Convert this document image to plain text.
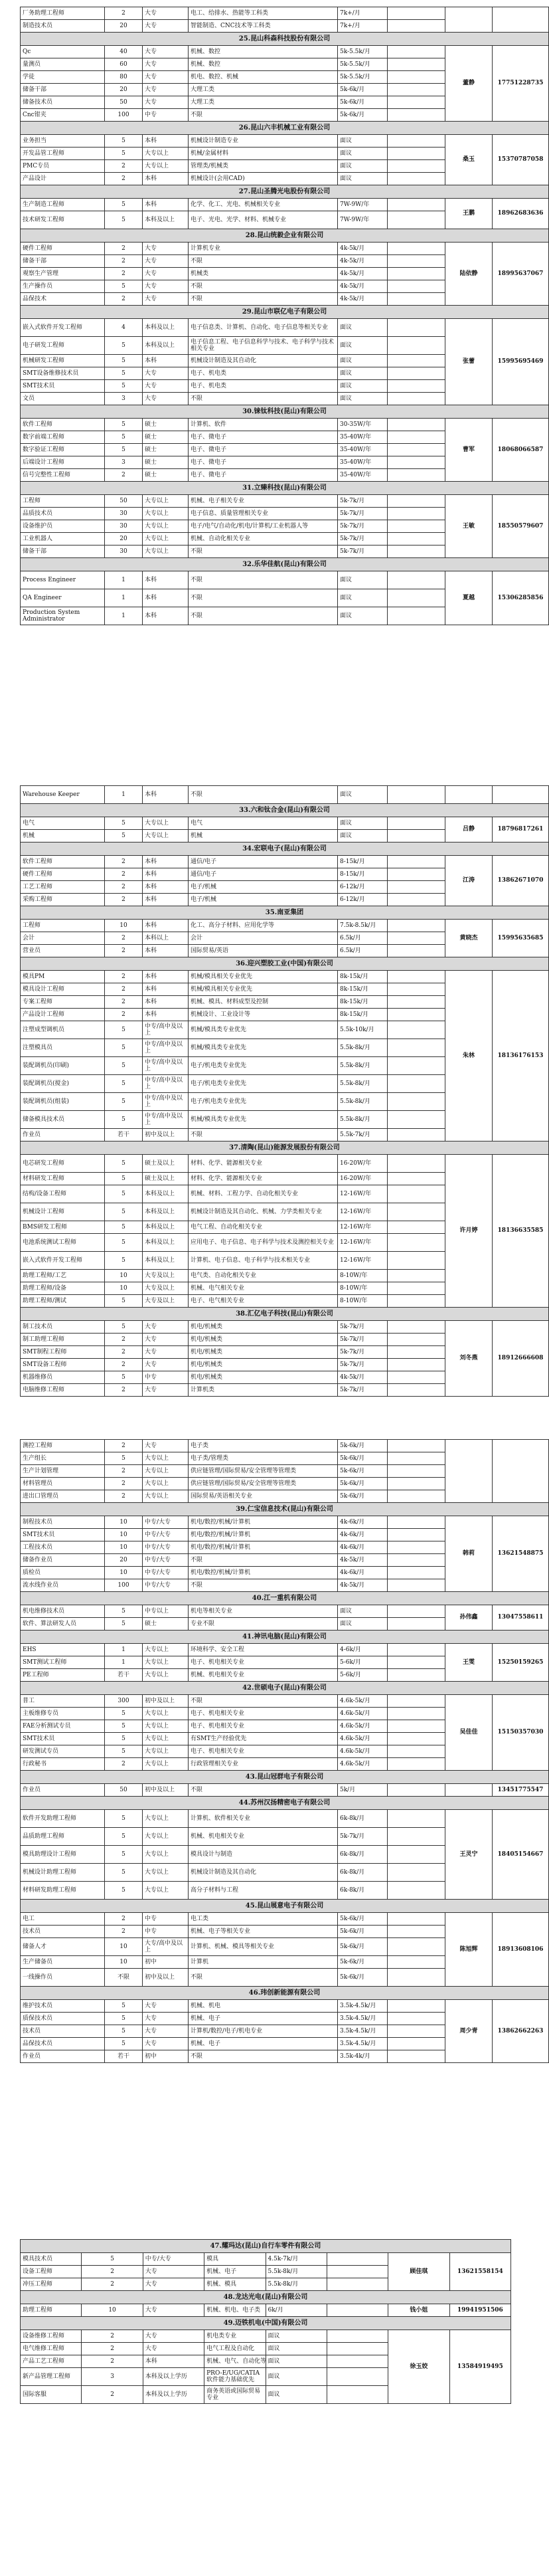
厂务助理工程师	2	大专	电工、给排水、热能等工科类	7k+/月			
制造技术员	20	大专	智能制造、CNC技术等工科类	7k+/月			
25.昆山科森科技股份有限公司							
Qc	40	大专	机械、数控	5k-5.5k/月		董静	17751228735
量测员	60	大专	机械、数控	5k-5.5k/月			
学徒	80	大专	机电、数控、机械	5k-5.5k/月			
储备干部	20	大专	大理工类	5k-6k/月			
储备技术员	50	大专	大理工类	5k-6k/月			
Cnc钳夹	100	中专	不限	5k-6k/月			
26.昆山六丰机械工业有限公司							
业务担当	5	本科	机械设计制造专业	面议		桑玉	15370787058
开发品管工程师	5	大专以上	机械/金属材料	面议			
PMC专员	2	大专以上	管理类/机械类	面议			
产品设计	2	本科	机械设计(会用CAD)	面议			
27.昆山圣腾光电股份有限公司							
生产制造工程师	5	本科	化学、化工、光电、机械相关专业	7W-9W/年		王鹏	18962683636
技术研发工程师	5	本科及以上	电子、光电、光学、材料、机械专业	7W-9W/年			
28.昆山统毅企业有限公司							
硬件工程师	2	大专	计算机专业	4k-5k/月		陆依静	18995637067
储备干部	2	大专	不限	4k-5k/月			
观察生产管理	2	大专	机械类	4k-5k/月			
生产操作员	5	大专	不限	4k-5k/月			
品保技术	2	大专	不限	4k-5k/月			
29.昆山市联亿电子有限公司							
嵌入式软件开发工程师	4	本科及以上	电子信息类、计算机、自动化、电子信息等相关专业	面议		张蕾	15995695469
电子研发工程师	5	本科及以上	电子信息工程、电子信息科学与技术、电子科学与技术相关专业	面议			
机械研发工程师	5	本科	机械设计制造及其自动化	面议			
SMT设备维修技术员	5	大专	电子、机电类	面议			
SMT技术员	5	大专	电子、机电类	面议			
文员	3	大专	不限	面议			
30.铼钛科技(昆山)有限公司							
软件工程师	5	硕士	计算机、软件	30-35W/年		曹军	18068066587
数字前端工程师	5	硕士	电子、微电子	35-40W/年			
数字验证工程师	5	硕士	电子、微电子	35-40W/年			
后端设计工程师	3	硕士	电子、微电子	35-40W/年			
信号完整性工程师	2	硕士	电子、微电子	35-40W/年			
31.立臻科技(昆山)有限公司							
工程师	50	大专以上	机械、电子相关专业	5k-7k/月		王敏	18550579607
品质技术员	30	大专以上	电子信息、质量管理相关专业	5k-7k/月			
设备维护员	30	大专以上	电子/电气/自动化/机电/计算机/工业机器人等	5k-7k/月			
工业机器人	20	大专以上	机械、自动化相关专业	5k-7k/月			
储备干部	30	大专以上	不限	5k-7k/月			
32.乐华佳航(昆山)有限公司							
Process Engineer	1	本科	不限	面议		夏越	15306285856
QA Engineer	1	本科	不限	面议			
Production System Administrator	1	本科	不限	面议			
Warehouse Keeper	1	本科	不限	面议			
33.六和钛合金(昆山)有限公司							
电气	5	大专以上	电气	面议		吕静	18796817261
机械	5	大专以上	机械	面议			
34.宏联电子(昆山)有限公司							
软件工程师	2	本科	通信/电子	8-15k/月		江涛	13862671070
硬件工程师	2	本科	通信/电子	8-15k/月			
工艺工程师	2	本科	电子/机械	6-12k/月			
采购工程师	2	本科	电子/机械	6-12k/月			
35.南亚集团							
工程师	10	本科	化工、高分子材料、应用化学等	7.5k-8.5k/月		黄晓杰	15995635685
会计	2	本科以上	会计	6.5k/月			
营业员	2	本科	国际贸易/英语	6.5k/月			
36.迎兴塑胶工业(中国)有限公司							
模具PM	2	本科	机械/模具相关专业优先	8k-15k/月		朱林	18136176153
模具设计工程师	2	本科	机械/模具相关专业优先	8k-15k/月			
专案工程师	2	本科	机械、模具、材料成型及控制	8k-15k/月			
产品设计工程师	2	本科	机械设计、工业设计等	8k-15k/月			
注塑成型调机员	5	中专/高中及以上	机械/模具类专业优先	5.5k-10k/月			
注塑模具员	5	中专/高中及以上	机械/模具类专业优先	5.5k-8k/月			
装配调机员(印刷)	5	中专/高中及以上	电子/机电类专业优先	5.5k-8k/月			
装配调机员(搅金)	5	中专/高中及以上	电子/机电类专业优先	5.5k-8k/月			
装配调机员(组装)	5	中专/高中及以上	电子/机电类专业优先	5.5k-8k/月			
储备模具技术员	5	中专/高中及以上	机械/模具类专业优先	5.5k-8k/月			
作业员	若干	初中及以上	不限	5.5k-7k/月			
37.清陶(昆山)能源发展股份有限公司							
电芯研发工程师	5	硕士及以上	材料、化学、能源相关专业	16-20W/年		许月婷	18136635585
材料研发工程师	5	硕士及以上	材料、化学、能源相关专业	16-20W/年			
结构/设备工程师	5	本科及以上	机械、材料、工程力学、自动化相关专业	12-16W/年			
机械设计工程师	5	本科及以上	机械设计制造及其自动化、机械、力学类相关专业	12-16W/年			
BMS研发工程师	5	本科及以上	电气工程、自动化相关专业	12-16W/年			
电池系统测试工程师	5	本科及以上	应用电子、电子信息、电子科学与技术及测控相关专业	12-16W/年			
嵌入式软件开发工程师	5	本科及以上	计算机、电子信息、电子科学与技术相关专业	12-16W/年			
助理工程师/工艺	10	大专及以上	电气类、自动化相关专业	8-10W/年			
助理工程师/设备	10	大专及以上	机械、电气相关专业	8-10W/年			
助理工程师/测试	5	大专及以上	电子、电气相关专业	8-10W/年			
38.汇亿电子科技(昆山)有限公司							
制工技术员	5	大专	机电/机械类	5k-7k/月		刘冬燕	18912666608
制工助理工程师	2	大专	机电/机械类	5k-7k/月			
SMT制程工程师	2	大专	机电/机械类	5k-7k/月			
SMT设备工程师	2	大专	机电/机械类	5k-7k/月			
机器维修员	5	中专	机电/机械类	4k-5k/月			
电脑维修工程师	2	大专	计算机类	5k-7k/月			
测控工程师	2	大专	电子类	5k-6k/月			
生产组长	5	大专以上	电子类/管理类	5k-6k/月			
生产计划管理	2	大专以上	供应链管理/国际贸易/安全管理等管理类	5k-6k/月			
材料管理员	2	大专以上	供应链管理/国际贸易/安全管理等管理类	5k-6k/月			
进出口管理员	2	大专以上	国际贸易/英语相关专业	5k-6k/月			
39.仁宝信息技术(昆山)有限公司							
制程技术员	10	中专/大专	机电/数控/机械/计算机	4k-6k/月		韩莉	13621548875
SMT技术员	10	中专/大专	机电/数控/机械/计算机	4k-6k/月			
工程技术员	10	中专/大专	机电/数控/机械/计算机	4k-6k/月			
储备作业员	20	中专/大专	不限	4k-5k/月			
质检员	10	中专/大专	机电/数控/机械/计算机	4k-6k/月			
流水线作业员	100	中专/大专	不限	4k-5k/月			
40.江一重机有限公司							
机电维修技术员	5	中专以上	机电等相关专业	面议		孙伟鑫	13047558611
软件、算法研发人员	5	硕士	专业不限	面议			
41.神讯电脑(昆山)有限公司							
EHS	1	大专以上	环境科学、安全工程	4-6k/月		王雯	15250159265
SMT测试工程师	1	大专以上	电子、机电相关专业	5-6k/月			
PE工程师	若干	大专以上	机械、机电相关专业	5-6k/月			
42.世硕电子(昆山)有限公司							
普工	300	初中及以上	不限	4.6k-5k/月		吴佳佳	15150357030
主板维修专员	5	大专以上	电子、机电相关专业	4.6k-5k/月			
FAE分析测试专员	5	大专以上	电子、机电相关专业	4.6k-5k/月			
SMT技术员	5	大专以上	有SMT生产经验优先	4.6k-5k/月			
研发测试专员	5	大专以上	电子、机电相关专业	4.6k-5k/月			
行政秘书	2	大专以上	行政管理相关专业	4.6k-5k/月			
43.昆山冠群电子有限公司							
作业员	50	初中及以上	不限	5k/月			13451775547
44.苏州汉扬精密电子有限公司							
软件开发助理工程师	5	大专以上	计算机、软件相关专业	6k-8k/月		王灵宁	18405154667
品质助理工程师	5	大专以上	机械、机电相关专业	5k-7k/月			
模具助理设计工程师	5	大专以上	模具设计与制造	6k-8k/月			
机械设计助理工程师	5	大专以上	机械设计制造及其自动化	6k-8k/月			
材料研发助理工程师	5	大专以上	高分子材料与工程	6k-8k/月			
45.昆山展意电子有限公司							
电工	2	中专	电工类	5k-6k/月		陈旭辉	18913608106
技术员	2	中专	机械、电子等相关专业	5k-6k/月			
储备人才	10	大专/高中及以上	计算机、机械、模具等相关专业	5k-6k/月			
生产储备员	10	初中	计算机	5k-6k/月			
一线操作员	不限	初中及以上	不限	5k-6k/月			
46.玮创新能源有限公司							
维护技术员	5	大专	机械、机电	3.5k-4.5k/月		周少青	13862662263
质保技术员	5	大专	机械、电子	3.5k-4.5k/月			
技术员	5	大专	计算机/数控/电子/机电专业	3.5k-4.5k/月			
品保技术员	5	大专	机械、电子	3.5k-4.5k/月			
作业员	若干	初中	不限	3.5k-4k/月			
47.耀玛达(昆山)自行车零件有限公司							
模具技术员	5	中专/大专	模具	4.5k-7k/月		顾佳琪	13621558154
设备工程师	2	大专	机械、电子	5.5k-8k/月			
冲压工程师	2	大专	机械、模具	5.5k-8k/月			
48.龙达光电(昆山)有限公司							
助理工程师	10	大专	机械、机电、电子类	6k/月		钱小姐	19941951506
49.迈铁机电(中国)有限公司							
设备维修工程师	2	大专	机电类专业	面议		徐玉姣	13584919495
电气维修工程师	2	大专	电气工程及自动化	面议			
产品工艺工程师	2	本科	机械、电气、自动化等	面议			
新产品管理工程师	3	本科及以上学历	PRO-E/UG/CATIA软件能力基础优先	面议			
国际客服	2	本科及以上学历	商务英语或国际贸易专业	面议			
